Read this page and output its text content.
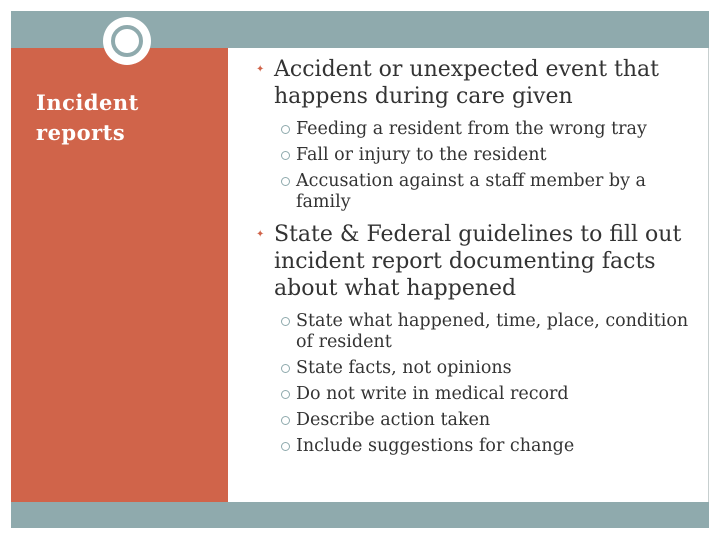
Incident
reports
✦ Accident or unexpected event that
happens during care given
Feeding a resident from the wrong tray
Fall or injury to the resident
Accusation against a staff member by a
family
✦ State & Federal guidelines to fill out
incident report documenting facts
about what happened
State what happened, time, place, condition
of resident
State facts, not opinions
Do not write in medical record
Describe action taken
Include suggestions for change
